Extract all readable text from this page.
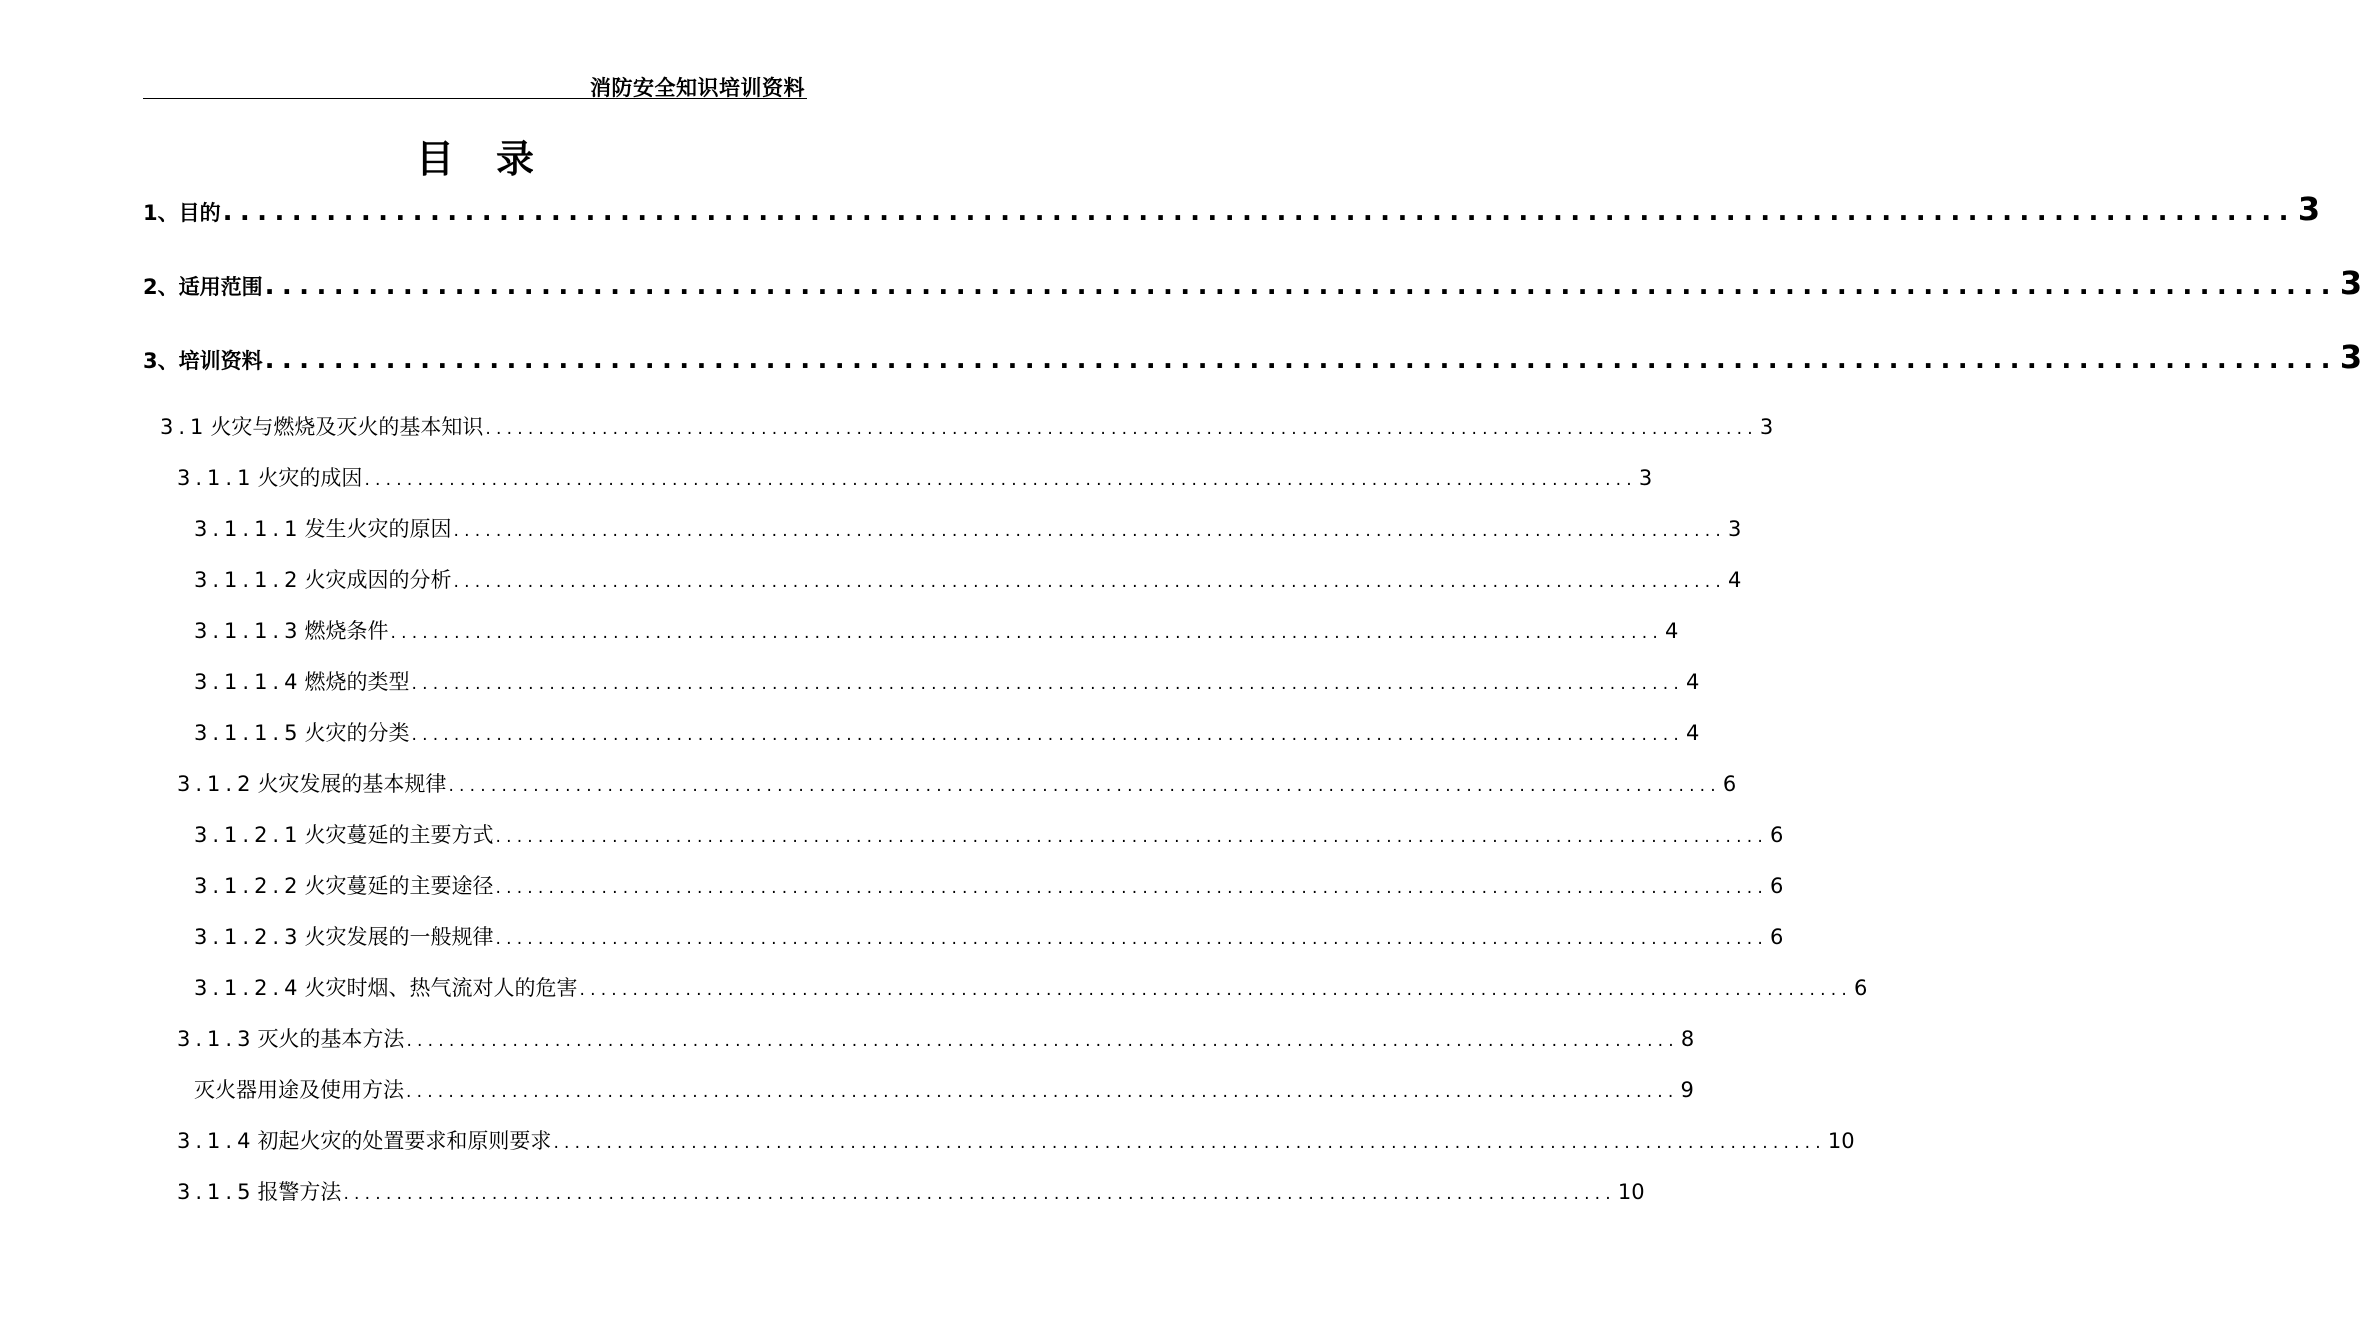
消防安全知识培训资料
目录
1、目的 ........................................................................................................................ 3
2、适用范围 ........................................................................................................................ 3
3、培训资料 ........................................................................................................................ 3
3.1火灾与燃烧及灭火的基本知识 ........................................................................................................................ 3
3.1.1火灾的成因 ........................................................................................................................ 3
3.1.1.1发生火灾的原因 ........................................................................................................................ 3
3.1.1.2火灾成因的分析 ........................................................................................................................ 4
3.1.1.3燃烧条件 ........................................................................................................................ 4
3.1.1.4燃烧的类型 ........................................................................................................................ 4
3.1.1.5火灾的分类 ........................................................................................................................ 4
3.1.2火灾发展的基本规律 ........................................................................................................................ 6
3.1.2.1火灾蔓延的主要方式 ........................................................................................................................ 6
3.1.2.2火灾蔓延的主要途径 ........................................................................................................................ 6
3.1.2.3火灾发展的一般规律 ........................................................................................................................ 6
3.1.2.4火灾时烟、热气流对人的危害 ........................................................................................................................ 6
3.1.3灭火的基本方法 ........................................................................................................................ 8
灭火器用途及使用方法 ........................................................................................................................ 9
3.1.4初起火灾的处置要求和原则要求 ........................................................................................................................ 10
3.1.5报警方法 ........................................................................................................................ 10
